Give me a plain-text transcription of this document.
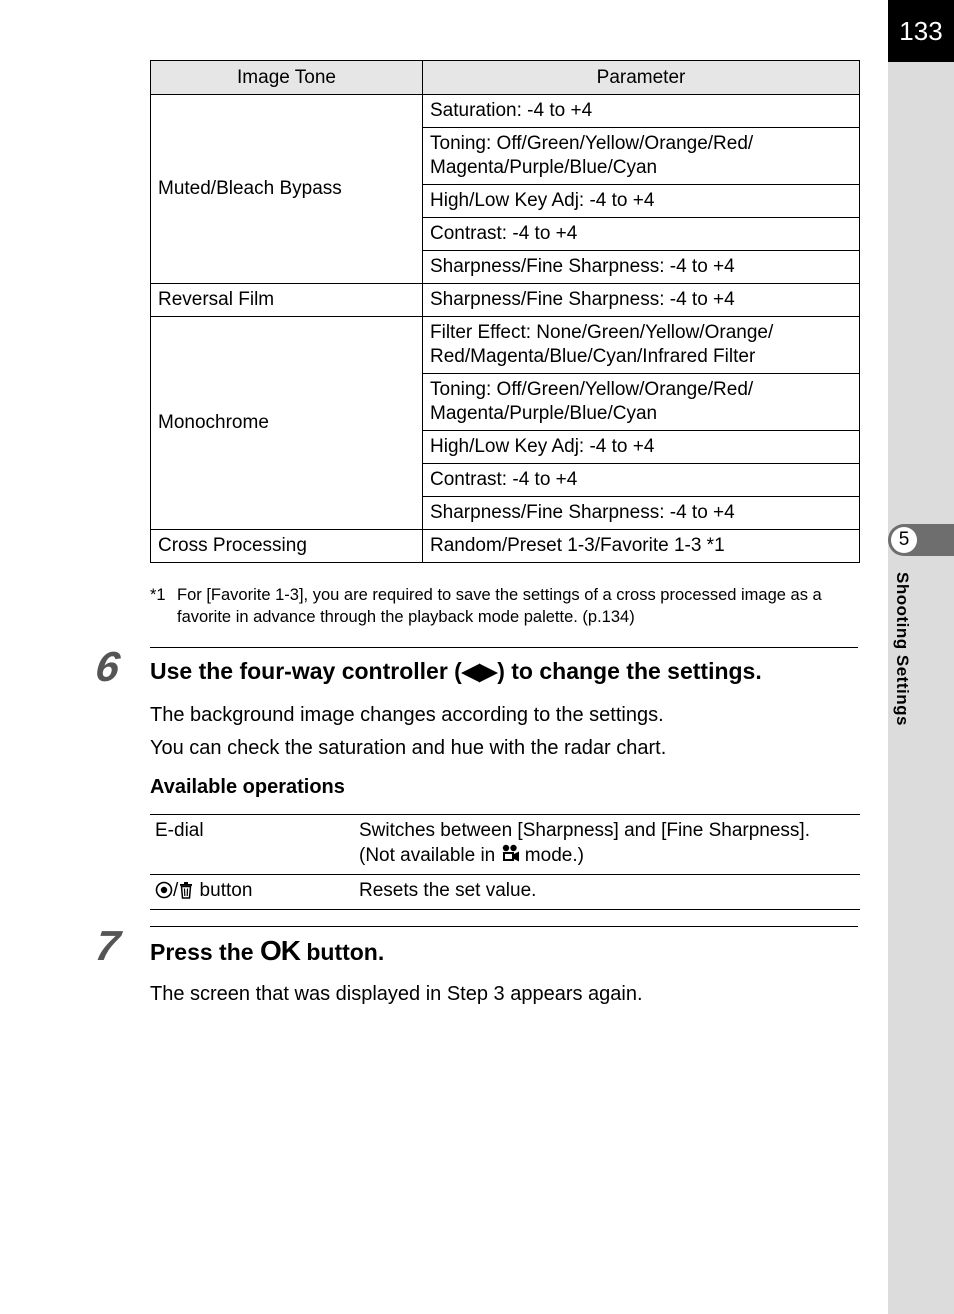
133
5
Shooting Settings
Image Tone	Parameter
Muted/Bleach Bypass	Saturation: -4 to +4
	Toning: Off/Green/Yellow/Orange/Red/
Magenta/Purple/Blue/Cyan
	High/Low Key Adj: -4 to +4
	Contrast: -4 to +4
	Sharpness/Fine Sharpness: -4 to +4
Reversal Film	Sharpness/Fine Sharpness: -4 to +4
Monochrome	Filter Effect: None/Green/Yellow/Orange/
Red/Magenta/Blue/Cyan/Infrared Filter
	Toning: Off/Green/Yellow/Orange/Red/
Magenta/Purple/Blue/Cyan
	High/Low Key Adj: -4 to +4
	Contrast: -4 to +4
	Sharpness/Fine Sharpness: -4 to +4
Cross Processing	Random/Preset 1-3/Favorite 1-3 *1
*1 For [Favorite 1-3], you are required to save the settings of a cross processed image as a favorite in advance through the playback mode palette. (p.134)
6 Use the four-way controller (◀▶) to change the settings.
The background image changes according to the settings.
You can check the saturation and hue with the radar chart.
Available operations
E-dial	Switches between [Sharpness] and [Fine Sharpness].
(Not available in  mode.)
/ button	Resets the set value.
7 Press the OK button.
The screen that was displayed in Step 3 appears again.
